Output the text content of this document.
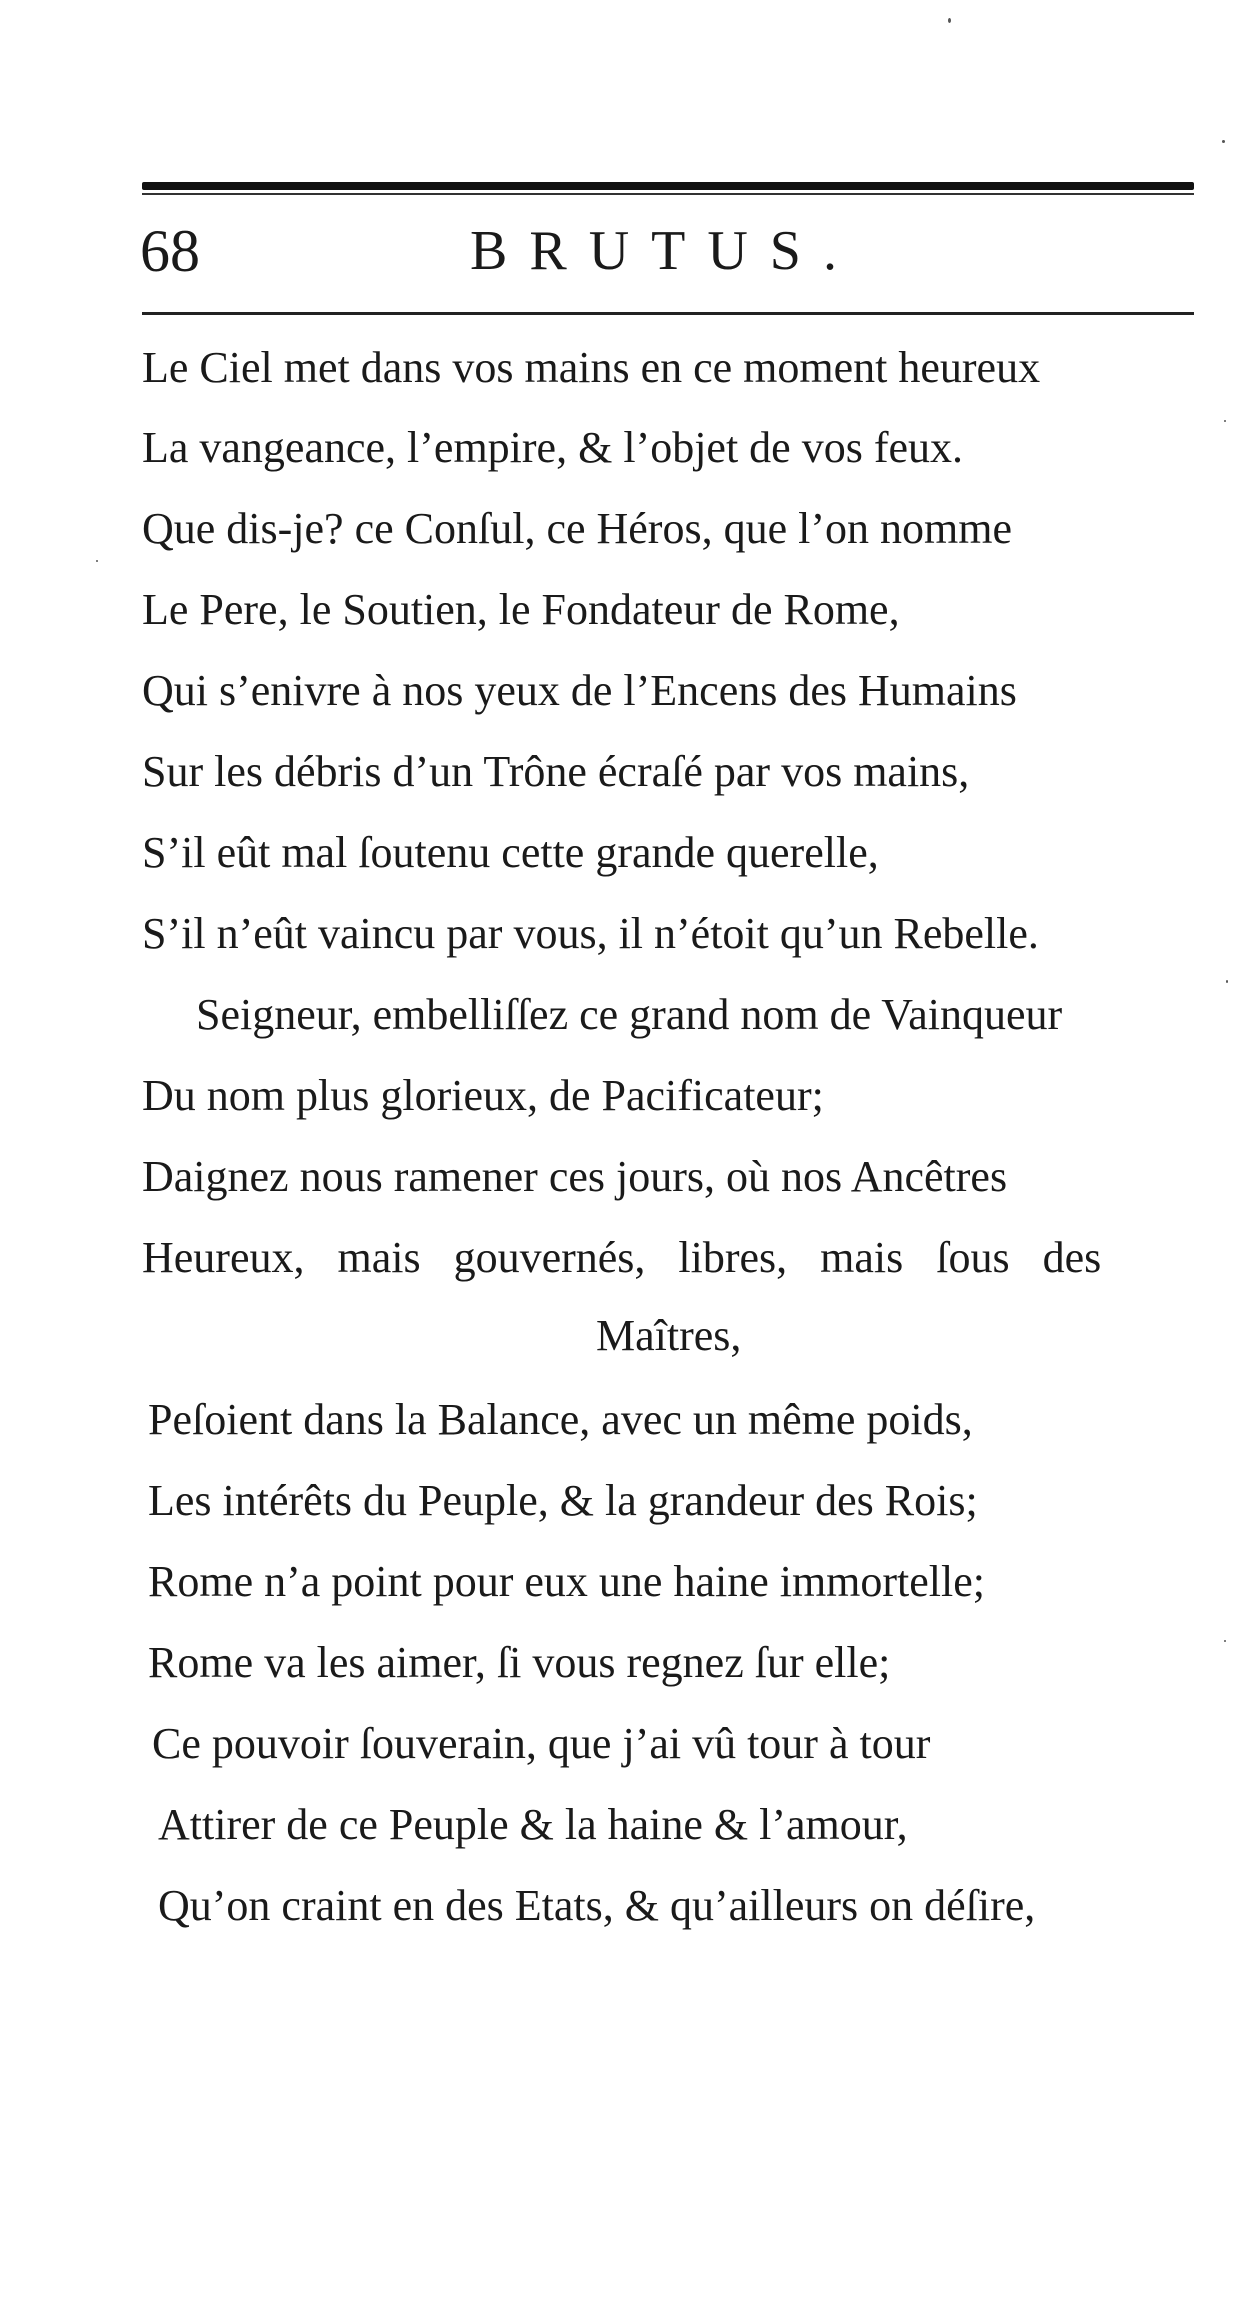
68	BRUTUS.
Le Ciel met dans vos mains en ce moment heureux
La vangeance, l’empire, & l’objet de vos feux.
Que dis-je? ce Conſul, ce Héros, que l’on nomme
Le Pere, le Soutien, le Fondateur de Rome,
Qui s’enivre à nos yeux de l’Encens des Humains
Sur les débris d’un Trône écraſé par vos mains,
S’il eût mal ſoutenu cette grande querelle,
S’il n’eût vaincu par vous, il n’étoit qu’un Rebelle.
Seigneur, embelliſſez ce grand nom de Vainqueur
Du nom plus glorieux, de Pacificateur;
Daignez nous ramener ces jours, où nos Ancêtres
Heureux, mais gouvernés, libres, mais ſous des
Maîtres,
Peſoient dans la Balance, avec un même poids,
Les intérêts du Peuple, & la grandeur des Rois;
Rome n’a point pour eux une haine immortelle;
Rome va les aimer, ſi vous regnez ſur elle;
Ce pouvoir ſouverain, que j’ai vû tour à tour
Attirer de ce Peuple & la haine & l’amour,
Qu’on craint en des Etats, & qu’ailleurs on déſire,
